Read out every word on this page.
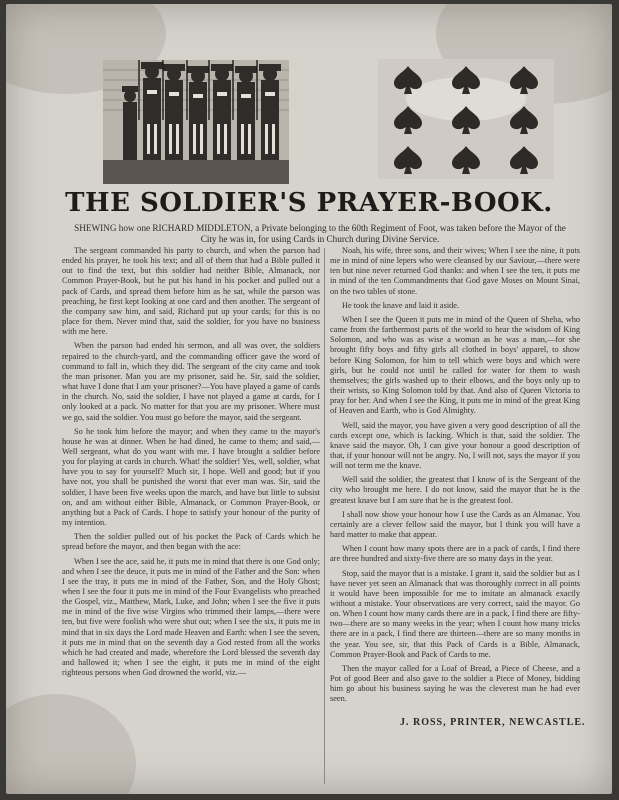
THE SOLDIER'S PRAYER-BOOK.
SHEWING how one RICHARD MIDDLETON, a Private belonging to the 60th Regiment of Foot, was taken before the Mayor of the City he was in, for using Cards in Church during Divine Service.

The sergeant commanded his party to church, and when the parson had ended his prayer, he took his text; and all of them that had a Bible pulled it out to find the text, but this soldier had neither Bible, Almanack, nor Common Prayer-Book, but he put his hand in his pocket and pulled out a pack of Cards, and spread them before him as he sat, while the parson was preaching, he first kept looking at one card and then another. The sergeant of the company saw him, and said, Richard put up your cards; for this is no place for them. Never mind that, said the soldier, for you have no business with me here.

When the parson had ended his sermon, and all was over, the soldiers repaired to the church-yard, and the commanding officer gave the word of command to fall in, which they did. The sergeant of the city came and took the man prisoner. Man you are my prisoner, said he. Sir, said the soldier, what have I done that I am your prisoner?—You have played a game of cards in the church. No, said the soldier, I have not played a game at cards, for I only looked at a pack. No matter for that you are my prisoner. Where must we go, said the soldier. You must go before the mayor, said the sergeant.

So he took him before the mayor; and when they came to the mayor's house he was at dinner. When he had dined, he came to them; and said,—Well sergeant, what do you want with me. I have brought a soldier before you for playing at cards in church. What! the soldier! Yes, well, soldier, what have you to say for yourself? Much sir, I hope. Well and good; but if you have not, you shall be punished the worst that ever man was. Sir, said the soldier, I have been five weeks upon the march, and have but little to subsist on, and am without either Bible, Almanack, or Common Prayer-Book, or anything but a Pack of Cards. I hope to satisfy your honour of the purity of my intention.

Then the soldier pulled out of his pocket the Pack of Cards which he spread before the mayor, and then began with the ace:

When I see the ace, said he, it puts me in mind that there is one God only; and when I see the deuce, it puts me in mind of the Father and the Son: when I see the tray, it puts me in mind of the Father, Son, and the Holy Ghost; when I see the four it puts me in mind of the Four Evangelists who preached the Gospel, viz., Matthew, Mark, Luke, and John; when I see the five it puts me in mind of the five wise Virgins who trimmed their lamps,—there were ten, but five were foolish who were shut out; when I see the six, it puts me in mind that in six days the Lord made Heaven and Earth: when I see the seven, it puts me in mind that on the seventh day a God rested from all the works which he had created and made, wherefore the Lord blessed the seventh day and hallowed it; when I see the eight, it puts me in mind of the eight righteous persons when God drowned the world, viz.—

Noah, his wife, three sons, and their wives; When I see the nine, it puts me in mind of nine lepers who were cleansed by our Saviour,—there were ten but nine never returned God thanks: and when I see the ten, it puts me in mind of the ten Commandments that God gave Moses on Mount Sinai, on the two tables of stone.

He took the knave and laid it aside.

When I see the Queen it puts me in mind of the Queen of Sheba, who came from the farthermost parts of the world to hear the wisdom of King Solomon, and who was as wise a woman as he was a man,—for she brought fifty boys and fifty girls all clothed in boys' apparel, to show before King Solomon, for him to tell which were boys and which were girls, but he could not until he called for water for them to wash themselves; the girls washed up to their elbows, and the boys only up to their wrists, so King Solomon told by that. And also of Queen Victoria to pray for her. And when I see the King, it puts me in mind of the great King of Heaven and Earth, who is God Almighty.

Well, said the mayor, you have given a very good description of all the cards except one, which is lacking. Which is that, said the soldier. The knave said the mayor. Oh, I can give your honour a good description of that, if your honour will not be angry. No, I will not, says the mayor if you will not term me the knave.

Well said the soldier, the greatest that I know of is the Sergeant of the city who brought me here. I do not know, said the mayor that he is the greatest knave but I am sure that he is the greatest fool.

I shall now show your honour how I use the Cards as an Almanac. You certainly are a clever fellow said the mayor, but I think you will have a hard matter to make that appear.

When I count how many spots there are in a pack of cards, I find there are three hundred and sixty-five there are so many days in the year.

Stop, said the mayor that is a mistake. I grant it, said the soldier but as I have never yet seen an Almanack that was thoroughly correct in all points it would have been impossible for me to imitate an almanack exactly without a mistake. Your observations are very correct, said the mayor. Go on. When I count how many cards there are in a pack, I find there are fifty-two—there are so many weeks in the year; when I count how many tricks there are in a pack, I find there are thirteen—there are so many months in the year. You see, sir, that this Pack of Cards is a Bible, Almanack, Common Prayer-Book and Pack of Cards to me.

Then the mayor called for a Loaf of Bread, a Piece of Cheese, and a Pot of good Beer and also gave to the soldier a Piece of Money, bidding him go about his business saying he was the cleverest man he had ever seen.

J. ROSS, PRINTER, NEWCASTLE.
